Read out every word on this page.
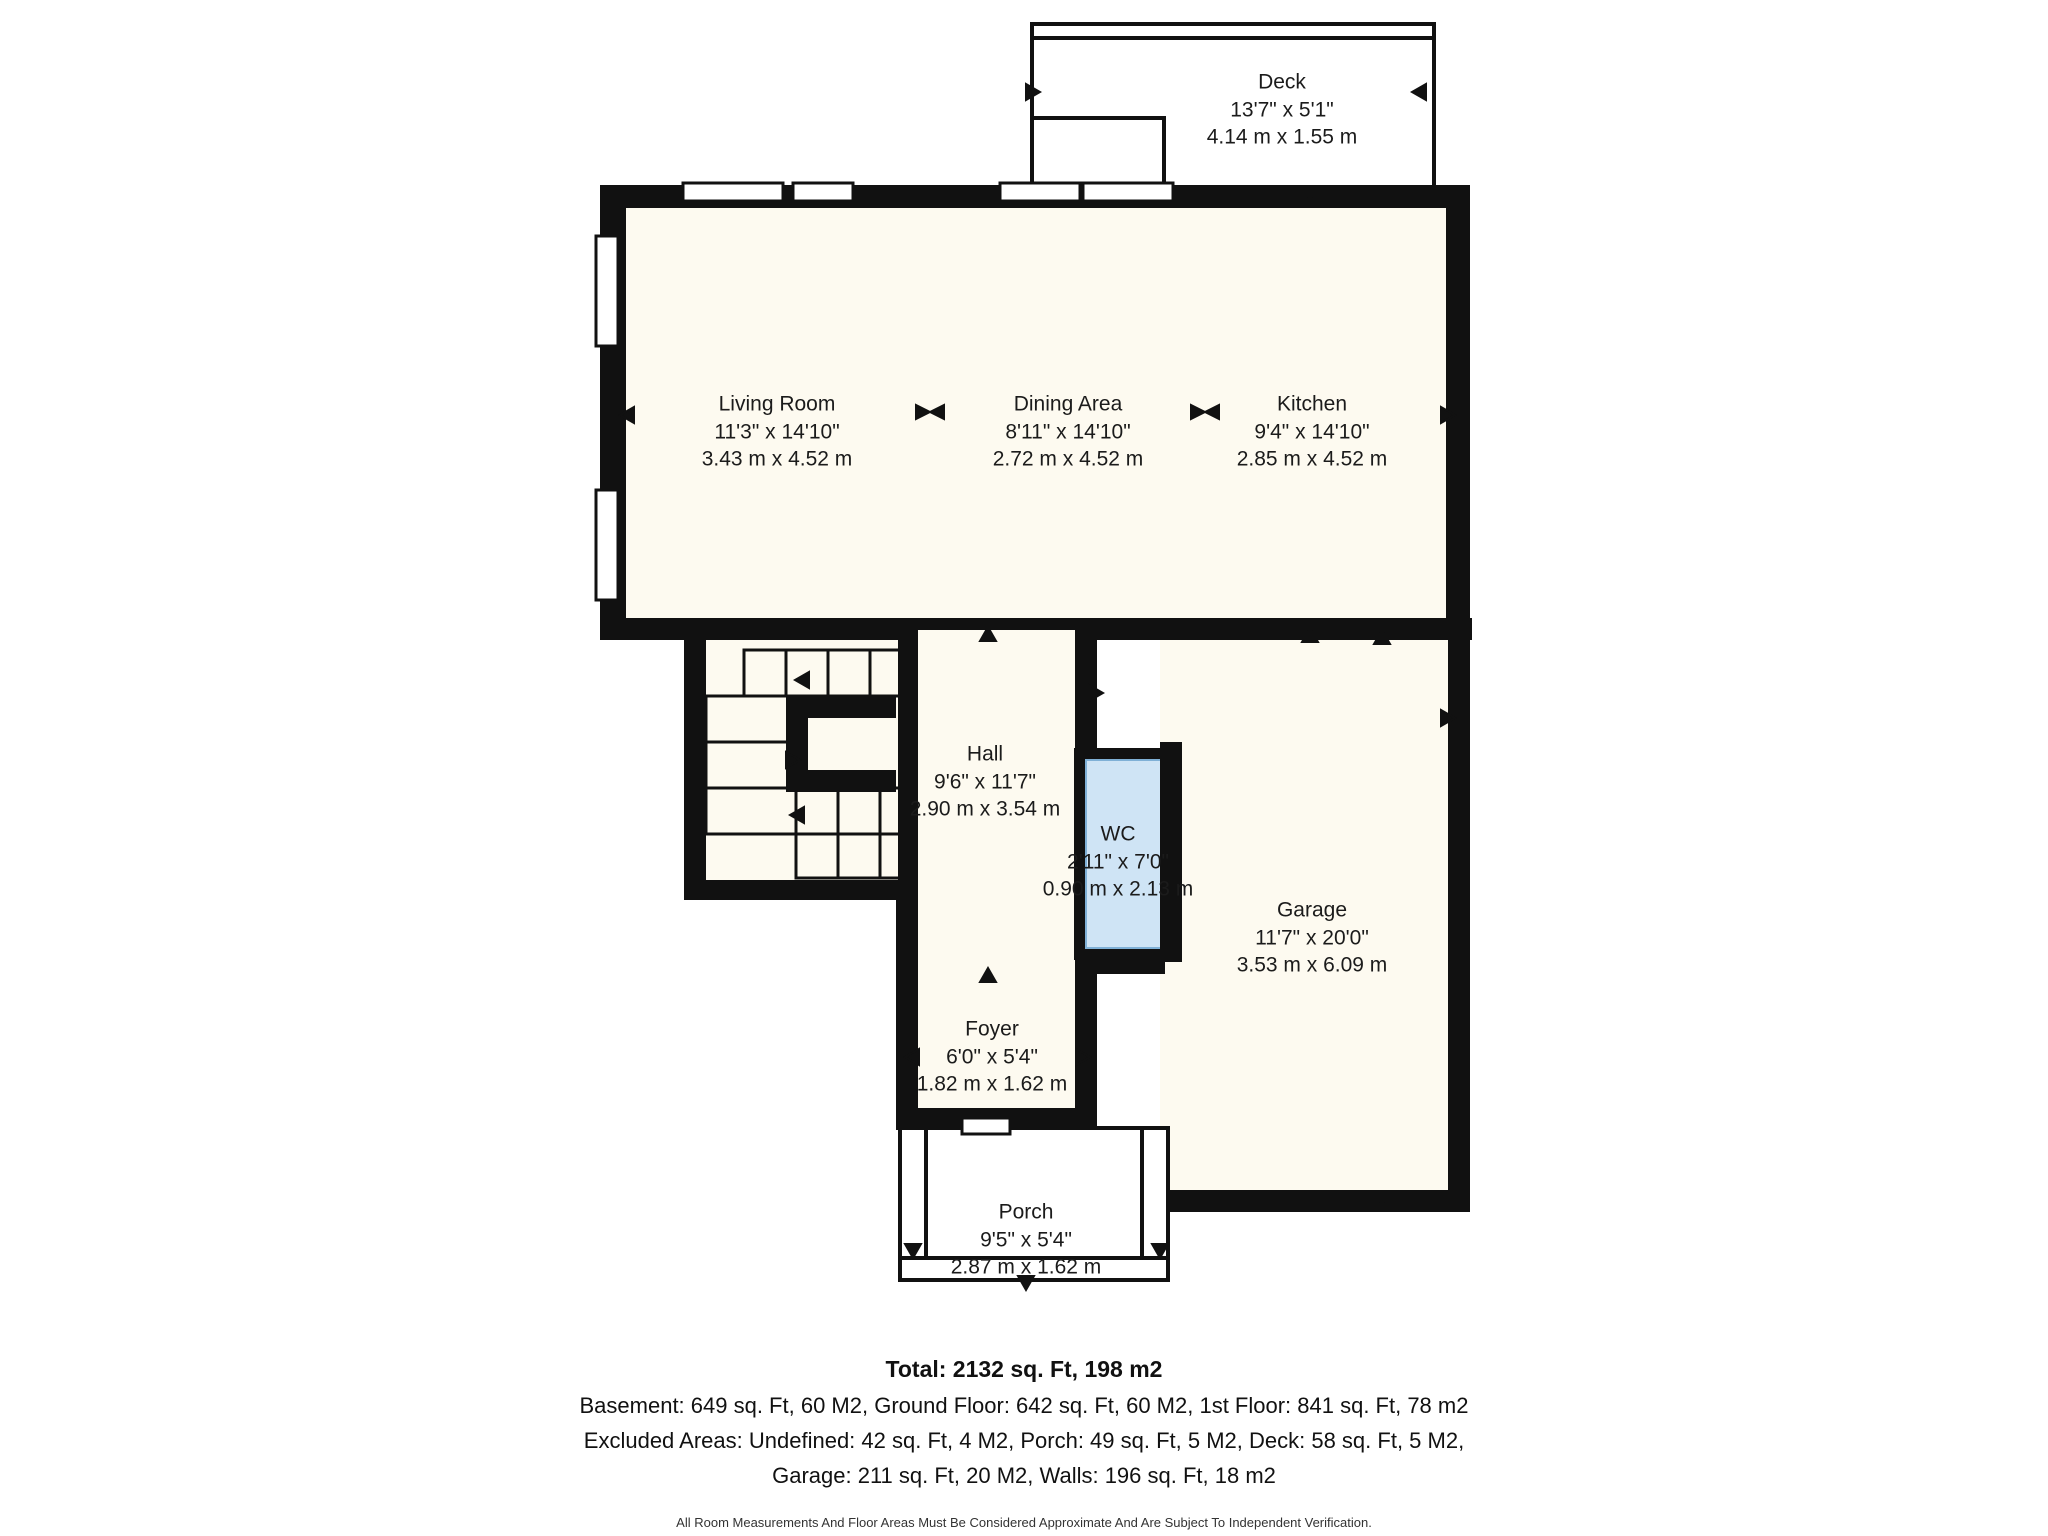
Deck
13'7" x 5'1"
4.14 m x 1.55 m
Living Room
11'3" x 14'10"
3.43 m x 4.52 m
Dining Area
8'11" x 14'10"
2.72 m x 4.52 m
Kitchen
9'4" x 14'10"
2.85 m x 4.52 m
Hall
9'6" x 11'7"
2.90 m x 3.54 m
WC
2'11" x 7'0"
0.90 m x 2.13 m
Garage
11'7" x 20'0"
3.53 m x 6.09 m
Foyer
6'0" x 5'4"
1.82 m x 1.62 m
Porch
9'5" x 5'4"
2.87 m x 1.62 m
Total: 2132 sq. Ft, 198 m2
Basement: 649 sq. Ft, 60 M2, Ground Floor: 642 sq. Ft, 60 M2, 1st Floor: 841 sq. Ft, 78 m2
Excluded Areas: Undefined: 42 sq. Ft, 4 M2, Porch: 49 sq. Ft, 5 M2, Deck: 58 sq. Ft, 5 M2,
Garage: 211 sq. Ft, 20 M2, Walls: 196 sq. Ft, 18 m2
All Room Measurements And Floor Areas Must Be Considered Approximate And Are Subject To Independent Verification.
